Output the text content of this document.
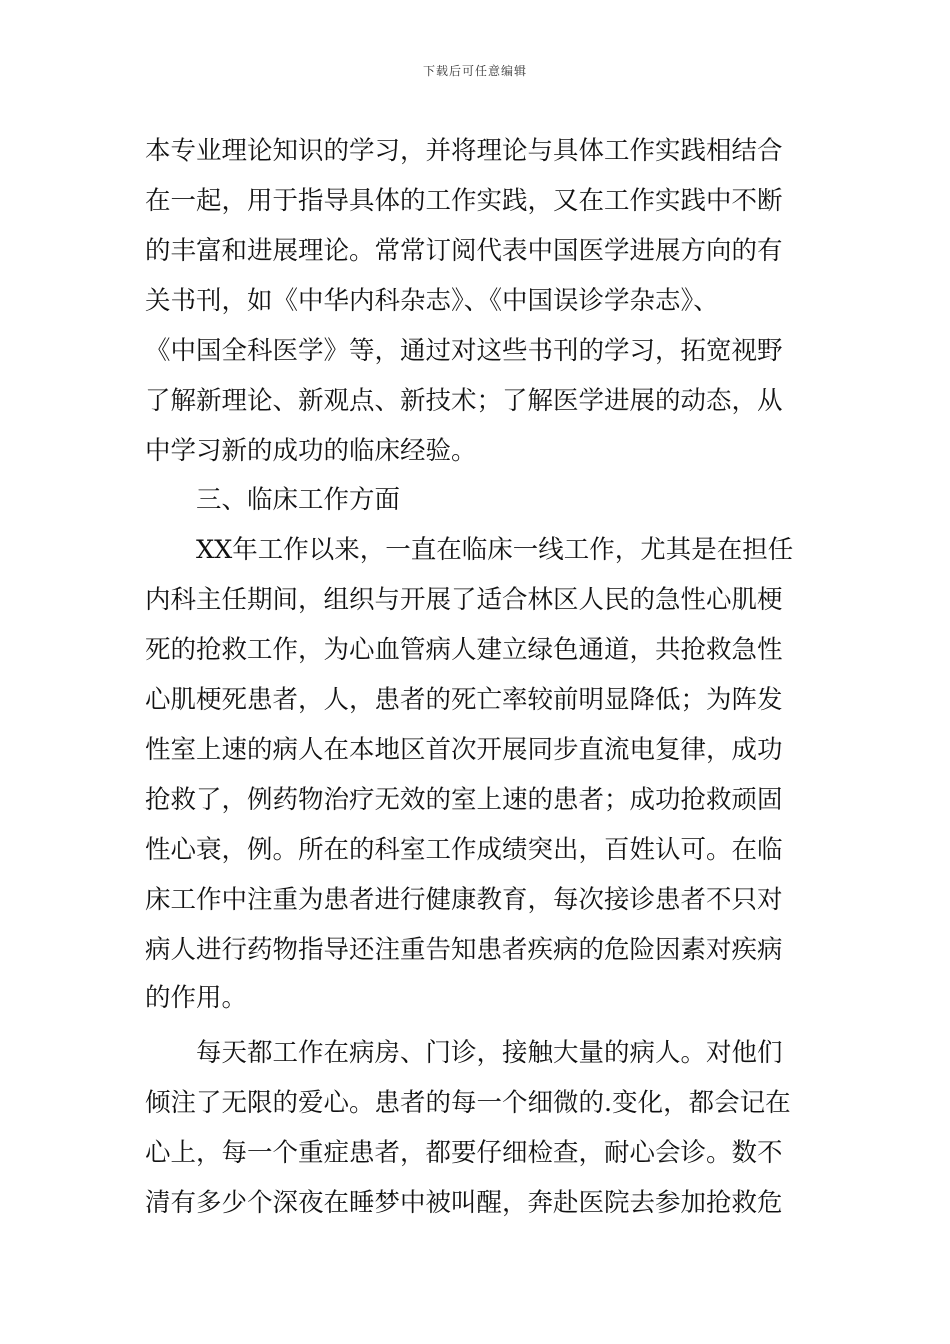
下载后可任意编辑
本专业理论知识的学习，并将理论与具体工作实践相结合
在一起，用于指导具体的工作实践，又在工作实践中不断
的丰富和进展理论。常常订阅代表中国医学进展方向的有
关书刊，如《中华内科杂志》、《中国误诊学杂志》、
《中国全科医学》等，通过对这些书刊的学习，拓宽视野
了解新理论、新观点、新技术；了解医学进展的动态，从
中学习新的成功的临床经验。
　　三、临床工作方面
　　XX年工作以来，一直在临床一线工作，尤其是在担任
内科主任期间，组织与开展了适合林区人民的急性心肌梗
死的抢救工作，为心血管病人建立绿色通道，共抢救急性
心肌梗死患者，人，患者的死亡率较前明显降低；为阵发
性室上速的病人在本地区首次开展同步直流电复律，成功
抢救了，例药物治疗无效的室上速的患者；成功抢救顽固
性心衰，例。所在的科室工作成绩突出，百姓认可。在临
床工作中注重为患者进行健康教育，每次接诊患者不只对
病人进行药物指导还注重告知患者疾病的危险因素对疾病
的作用。
　　每天都工作在病房、门诊，接触大量的病人。对他们
倾注了无限的爱心。患者的每一个细微的.变化，都会记在
心上，每一个重症患者，都要仔细检查，耐心会诊。数不
清有多少个深夜在睡梦中被叫醒，奔赴医院去参加抢救危
